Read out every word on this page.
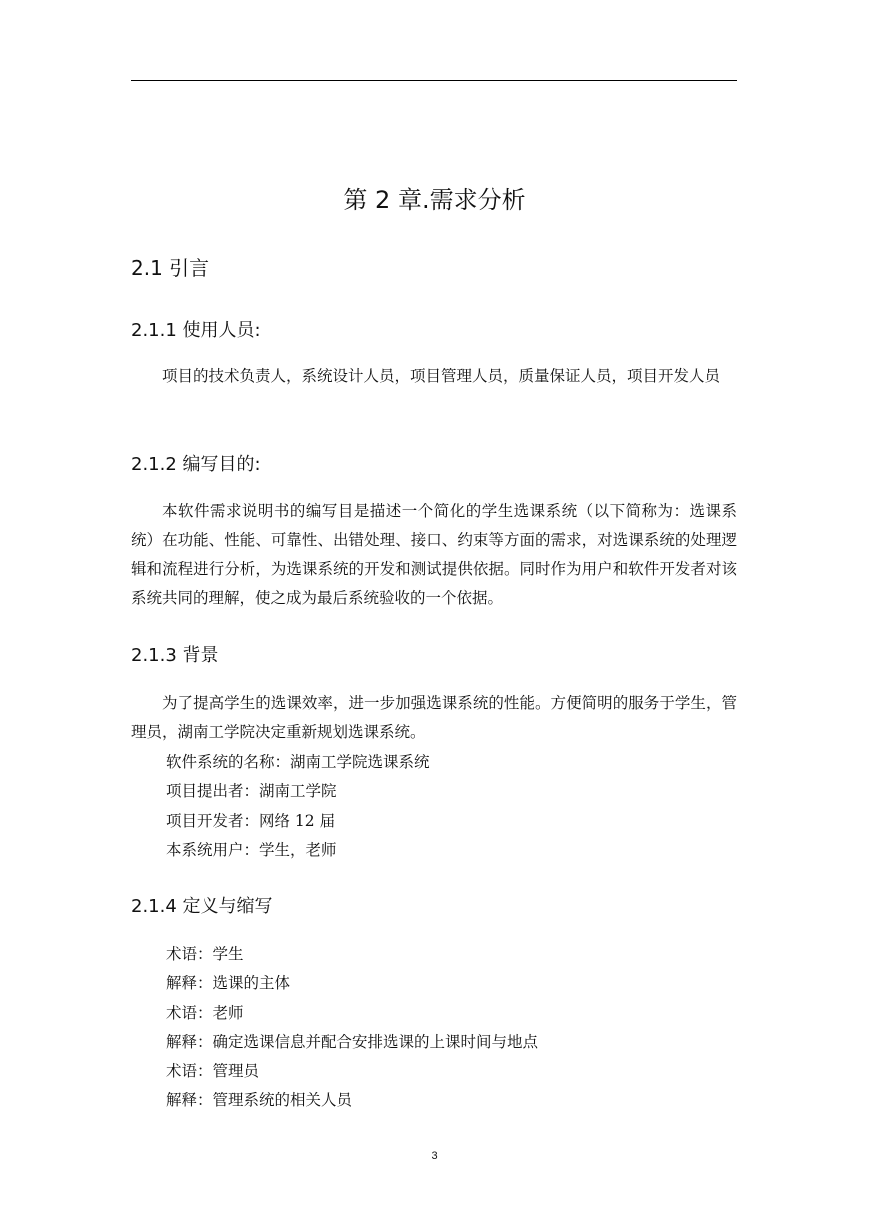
第 2 章.需求分析
2.1 引言
2.1.1 使用人员:
项目的技术负责人，系统设计人员，项目管理人员，质量保证人员，项目开发人员
2.1.2 编写目的:
本软件需求说明书的编写目是描述一个简化的学生选课系统（以下简称为：选课系统）在功能、性能、可靠性、出错处理、接口、约束等方面的需求，对选课系统的处理逻辑和流程进行分析，为选课系统的开发和测试提供依据。同时作为用户和软件开发者对该系统共同的理解，使之成为最后系统验收的一个依据。
2.1.3 背景
为了提高学生的选课效率，进一步加强选课系统的性能。方便简明的服务于学生，管理员，湖南工学院决定重新规划选课系统。
软件系统的名称：湖南工学院选课系统
项目提出者：湖南工学院
项目开发者：网络 12 届
本系统用户：学生，老师
2.1.4 定义与缩写
术语：学生
解释：选课的主体
术语：老师
解释：确定选课信息并配合安排选课的上课时间与地点
术语：管理员
解释：管理系统的相关人员
3
